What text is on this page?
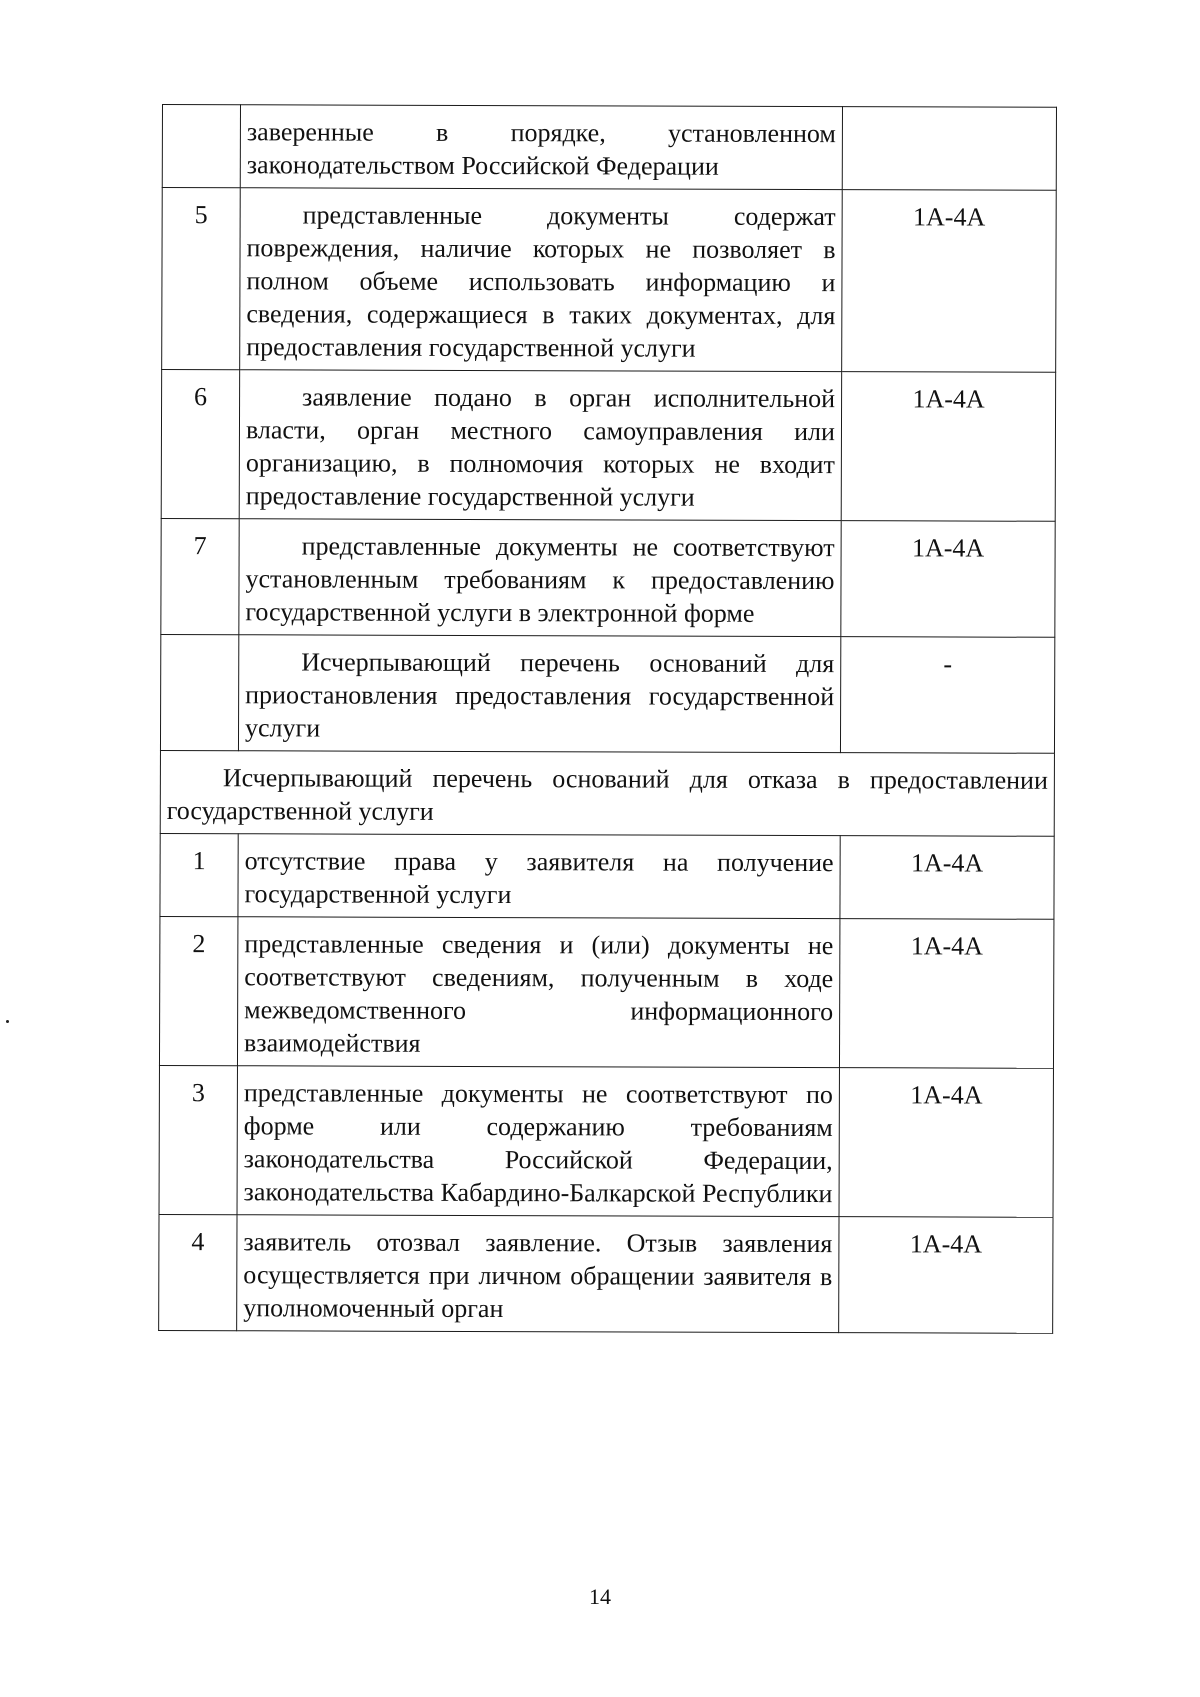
	заверенные в порядке, установленном законодательством Российской Федерации	
5	представленные документы содержат повреждения, наличие которых не позволяет в полном объеме использовать информацию и сведения, содержащиеся в таких документах, для предоставления государственной услуги	1А-4А
6	заявление подано в орган исполнительной власти, орган местного самоуправления или организацию, в полномочия которых не входит предоставление государственной услуги	1А-4А
7	представленные документы не соответствуют установленным требованиям к предоставлению государственной услуги в электронной форме	1А-4А
	Исчерпывающий перечень оснований для приостановления предоставления государственной услуги	-
Исчерпывающий перечень оснований для отказа в предоставлении государственной услуги		
1	отсутствие права у заявителя на получение государственной услуги	1А-4А
2	представленные сведения и (или) документы не соответствуют сведениям, полученным в ходе межведомственного информационного взаимодействия	1А-4А
3	представленные документы не соответствуют по форме или содержанию требованиям законодательства Российской Федерации, законодательства Кабардино-Балкарской Республики	1А-4А
4	заявитель отозвал заявление. Отзыв заявления осуществляется при личном обращении заявителя в уполномоченный орган	1А-4А
14
